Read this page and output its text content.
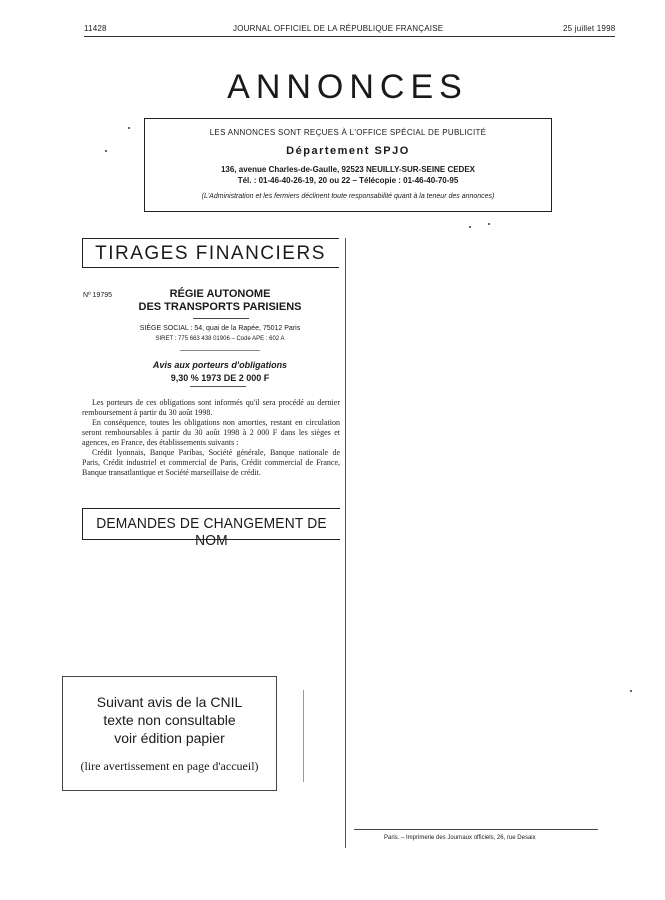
11428	JOURNAL OFFICIEL DE LA RÉPUBLIQUE FRANÇAISE	25 juillet 1998
ANNONCES
LES ANNONCES SONT REÇUES À L'OFFICE SPÉCIAL DE PUBLICITÉ
Département SPJO
136, avenue Charles-de-Gaulle, 92523 NEUILLY-SUR-SEINE CEDEX
Tél. : 01-46-40-26-19, 20 ou 22 – Télécopie : 01-46-40-70-95
(L'Administration et les fermiers déclinent toute responsabilité quant à la teneur des annonces)
TIRAGES FINANCIERS
Nº 19795	RÉGIE AUTONOME
DES TRANSPORTS PARISIENS
SIÈGE SOCIAL : 54, quai de la Rapée, 75012 Paris
SIRET : 775 663 438 01906 – Code APE : 602 A
Avis aux porteurs d'obligations
9,30 % 1973 DE 2 000 F

Les porteurs de ces obligations sont informés qu'il sera procédé au dernier remboursement à partir du 30 août 1998.

En conséquence, toutes les obligations non amorties, restant en circulation seront remboursables à partir du 30 août 1998 à 2 000 F dans les sièges et agences, en France, des établissements suivants :

Crédit lyonnais, Banque Paribas, Société générale, Banque nationale de Paris, Crédit industriel et commercial de Paris, Crédit commercial de France, Banque transatlantique et Société marseillaise de crédit.

DEMANDES DE CHANGEMENT DE NOM
Suivant avis de la CNIL
texte non consultable
voir édition papier
(lire avertissement en page d'accueil)
Paris. – Imprimerie des Journaux officiels, 26, rue Desaix
